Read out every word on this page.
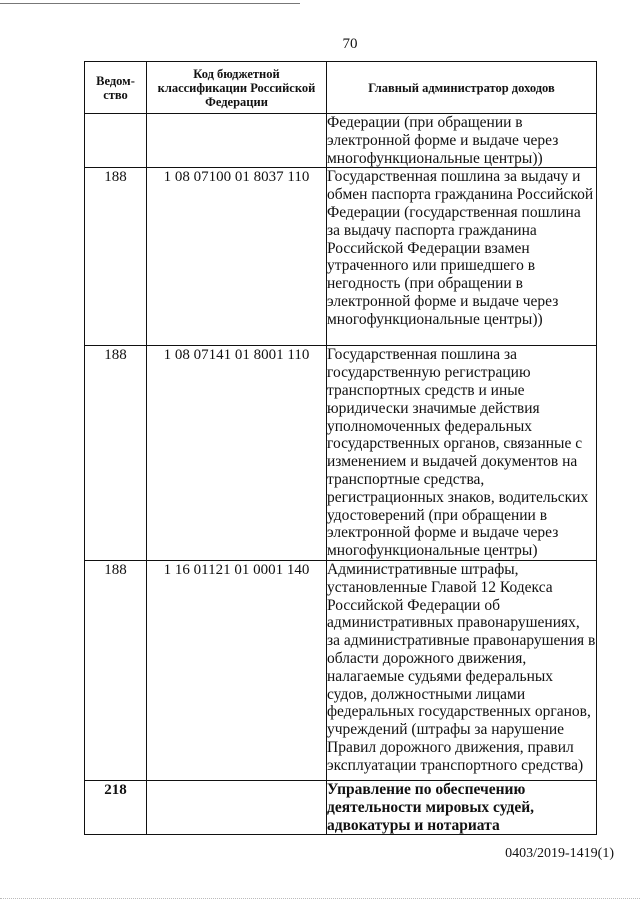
70
Ведом-
ство	Код бюджетной классификации Российской Федерации	Главный администратор доходов
		Федерации (при обращении в электронной форме и выдаче через многофункциональные центры))
188	1 08 07100 01 8037 110	Государственная пошлина за выдачу и обмен паспорта гражданина Российской Федерации (государственная пошлина за выдачу паспорта гражданина Российской Федерации взамен утраченного или пришедшего в негодность (при обращении в электронной форме и выдаче через многофункциональные центры))
188	1 08 07141 01 8001 110	Государственная пошлина за государственную регистрацию транспортных средств и иные юридически значимые действия уполномоченных федеральных государственных органов, связанные с изменением и выдачей документов на транспортные средства, регистрационных знаков, водительских удостоверений (при обращении в электронной форме и выдаче через многофункциональные центры)
188	1 16 01121 01 0001 140	Административные штрафы, установленные Главой 12 Кодекса Российской Федерации об административных правонарушениях, за административные правонарушения в области дорожного движения, налагаемые судьями федеральных судов, должностными лицами федеральных государственных органов, учреждений (штрафы за нарушение Правил дорожного движения, правил эксплуатации транспортного средства)
218		Управление по обеспечению деятельности мировых судей, адвокатуры и нотариата
0403/2019-1419(1)
